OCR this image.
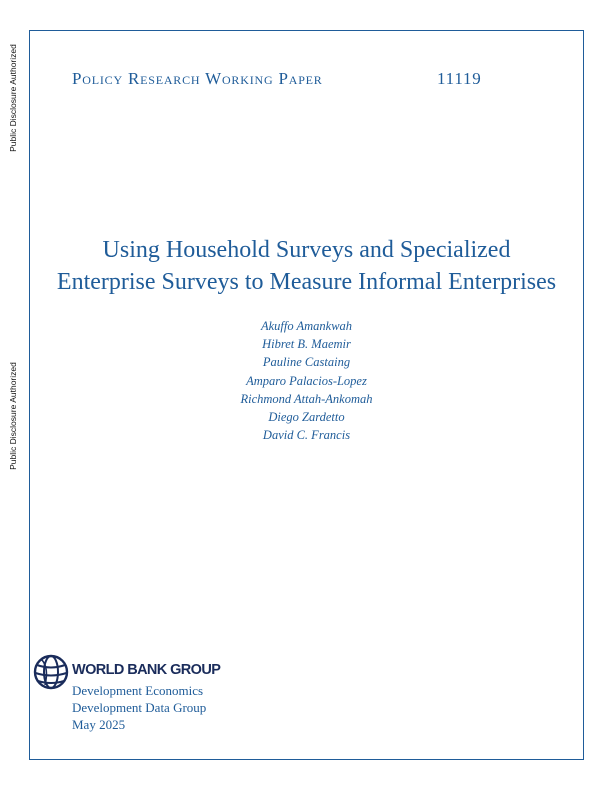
Public Disclosure Authorized
Public Disclosure Authorized
Policy Research Working Paper	11119
Using Household Surveys and Specialized
Enterprise Surveys to Measure Informal Enterprises
Akuffo Amankwah
Hibret B. Maemir
Pauline Castaing
Amparo Palacios-Lopez
Richmond Attah-Ankomah
Diego Zardetto
David C. Francis
WORLD BANK GROUP
Development Economics
Development Data Group
May 2025
